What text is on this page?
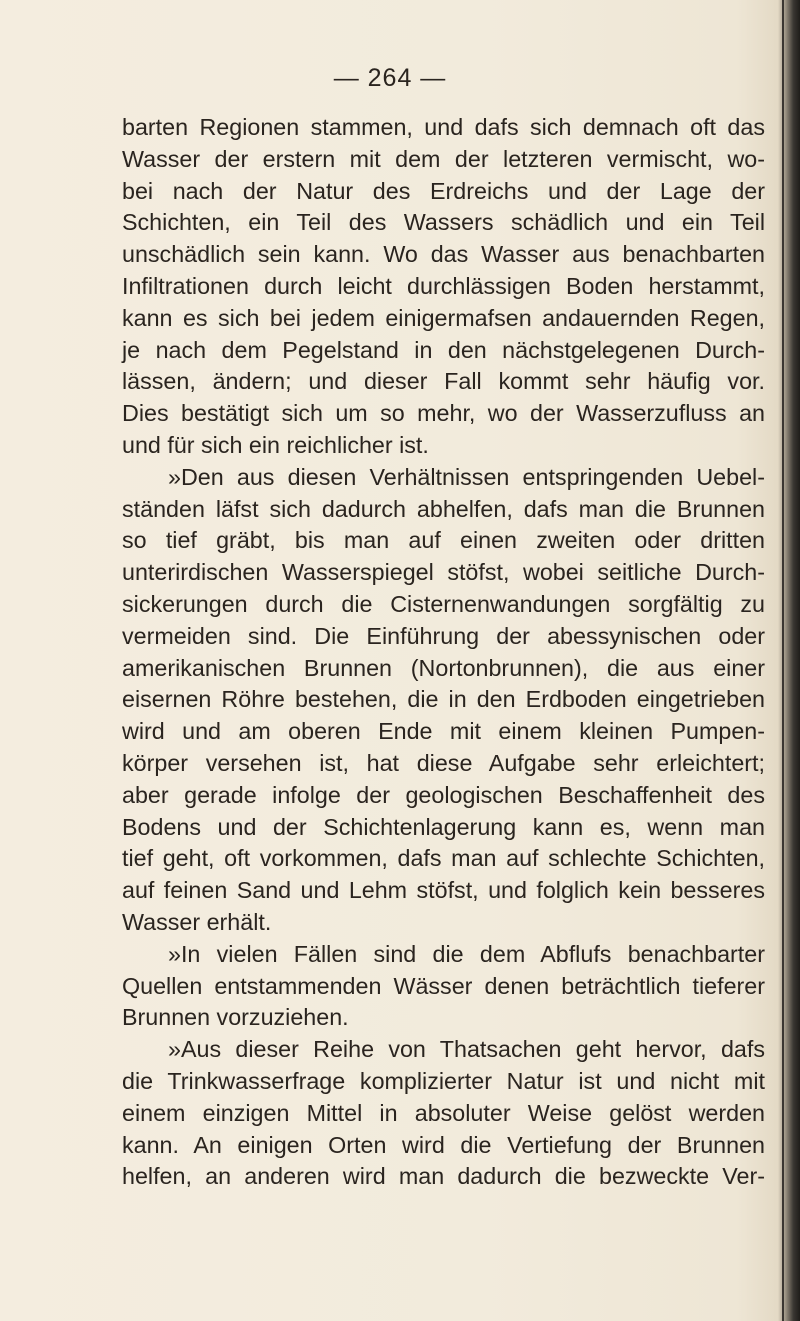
— 264 —
barten Regionen stammen, und dafs sich demnach oft das
Wasser der erstern mit dem der letzteren vermischt, wo-
bei nach der Natur des Erdreichs und der Lage der
Schichten, ein Teil des Wassers schädlich und ein Teil
unschädlich sein kann. Wo das Wasser aus benachbarten
Infiltrationen durch leicht durchlässigen Boden herstammt,
kann es sich bei jedem einigermafsen andauernden Regen,
je nach dem Pegelstand in den nächstgelegenen Durch-
lässen, ändern; und dieser Fall kommt sehr häufig vor.
Dies bestätigt sich um so mehr, wo der Wasserzufluss an
und für sich ein reichlicher ist.
»Den aus diesen Verhältnissen entspringenden Uebel-
ständen läfst sich dadurch abhelfen, dafs man die Brunnen
so tief gräbt, bis man auf einen zweiten oder dritten
unterirdischen Wasserspiegel stöfst, wobei seitliche Durch-
sickerungen durch die Cisternenwandungen sorgfältig zu
vermeiden sind. Die Einführung der abessynischen oder
amerikanischen Brunnen (Nortonbrunnen), die aus einer
eisernen Röhre bestehen, die in den Erdboden eingetrieben
wird und am oberen Ende mit einem kleinen Pumpen-
körper versehen ist, hat diese Aufgabe sehr erleichtert;
aber gerade infolge der geologischen Beschaffenheit des
Bodens und der Schichtenlagerung kann es, wenn man
tief geht, oft vorkommen, dafs man auf schlechte Schichten,
auf feinen Sand und Lehm stöfst, und folglich kein besseres
Wasser erhält.
»In vielen Fällen sind die dem Abflufs benachbarter
Quellen entstammenden Wässer denen beträchtlich tieferer
Brunnen vorzuziehen.
»Aus dieser Reihe von Thatsachen geht hervor, dafs
die Trinkwasserfrage komplizierter Natur ist und nicht mit
einem einzigen Mittel in absoluter Weise gelöst werden
kann. An einigen Orten wird die Vertiefung der Brunnen
helfen, an anderen wird man dadurch die bezweckte Ver-
